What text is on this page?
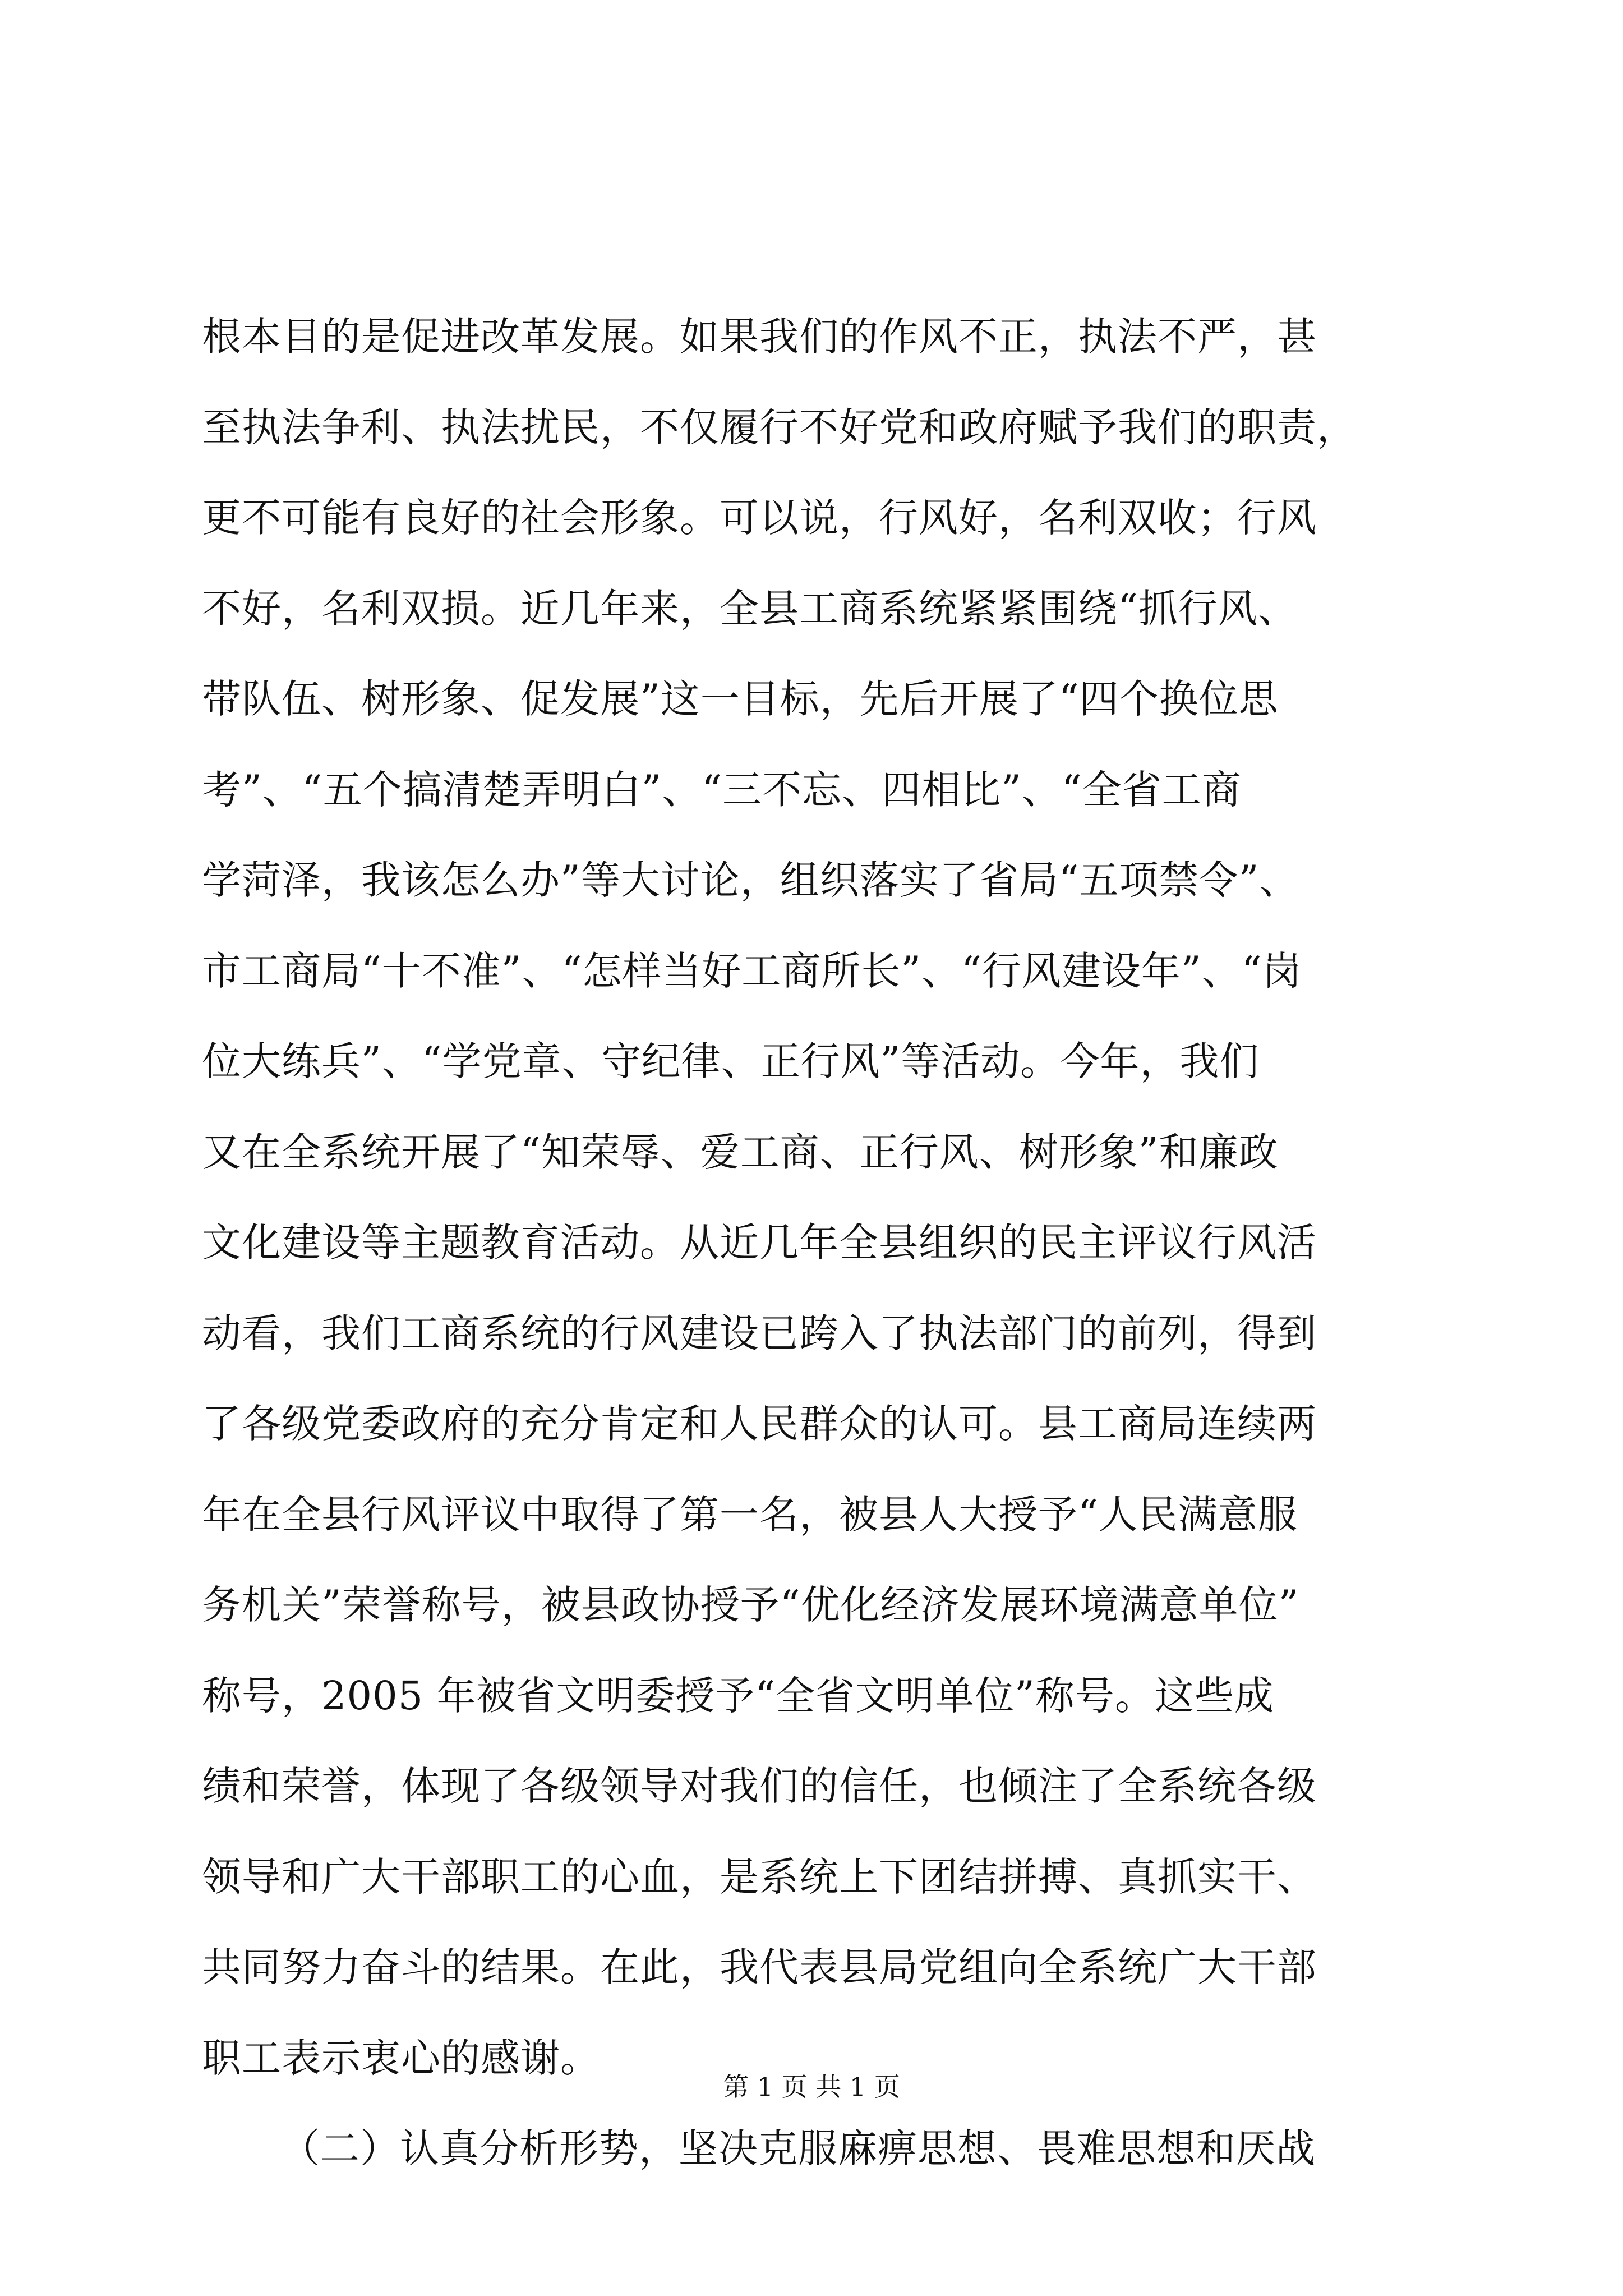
根本目的是促进改革发展。如果我们的作风不正，执法不严，甚
至执法争利、执法扰民，不仅履行不好党和政府赋予我们的职责，
更不可能有良好的社会形象。可以说，行风好，名利双收；行风
不好，名利双损。近几年来，全县工商系统紧紧围绕“抓行风、
带队伍、树形象、促发展”这一目标，先后开展了“四个换位思
考”、“五个搞清楚弄明白”、“三不忘、四相比”、“全省工商
学菏泽，我该怎么办”等大讨论，组织落实了省局“五项禁令”、
市工商局“十不准”、“怎样当好工商所长”、“行风建设年”、“岗
位大练兵”、“学党章、守纪律、正行风”等活动。今年，我们
又在全系统开展了“知荣辱、爱工商、正行风、树形象”和廉政
文化建设等主题教育活动。从近几年全县组织的民主评议行风活
动看，我们工商系统的行风建设已跨入了执法部门的前列，得到
了各级党委政府的充分肯定和人民群众的认可。县工商局连续两
年在全县行风评议中取得了第一名，被县人大授予“人民满意服
务机关”荣誉称号，被县政协授予“优化经济发展环境满意单位”
称号，2005 年被省文明委授予“全省文明单位”称号。这些成
绩和荣誉，体现了各级领导对我们的信任，也倾注了全系统各级
领导和广大干部职工的心血，是系统上下团结拼搏、真抓实干、
共同努力奋斗的结果。在此，我代表县局党组向全系统广大干部
职工表示衷心的感谢。
（二）认真分析形势，坚决克服麻痹思想、畏难思想和厌战
第 1 页 共 1 页
